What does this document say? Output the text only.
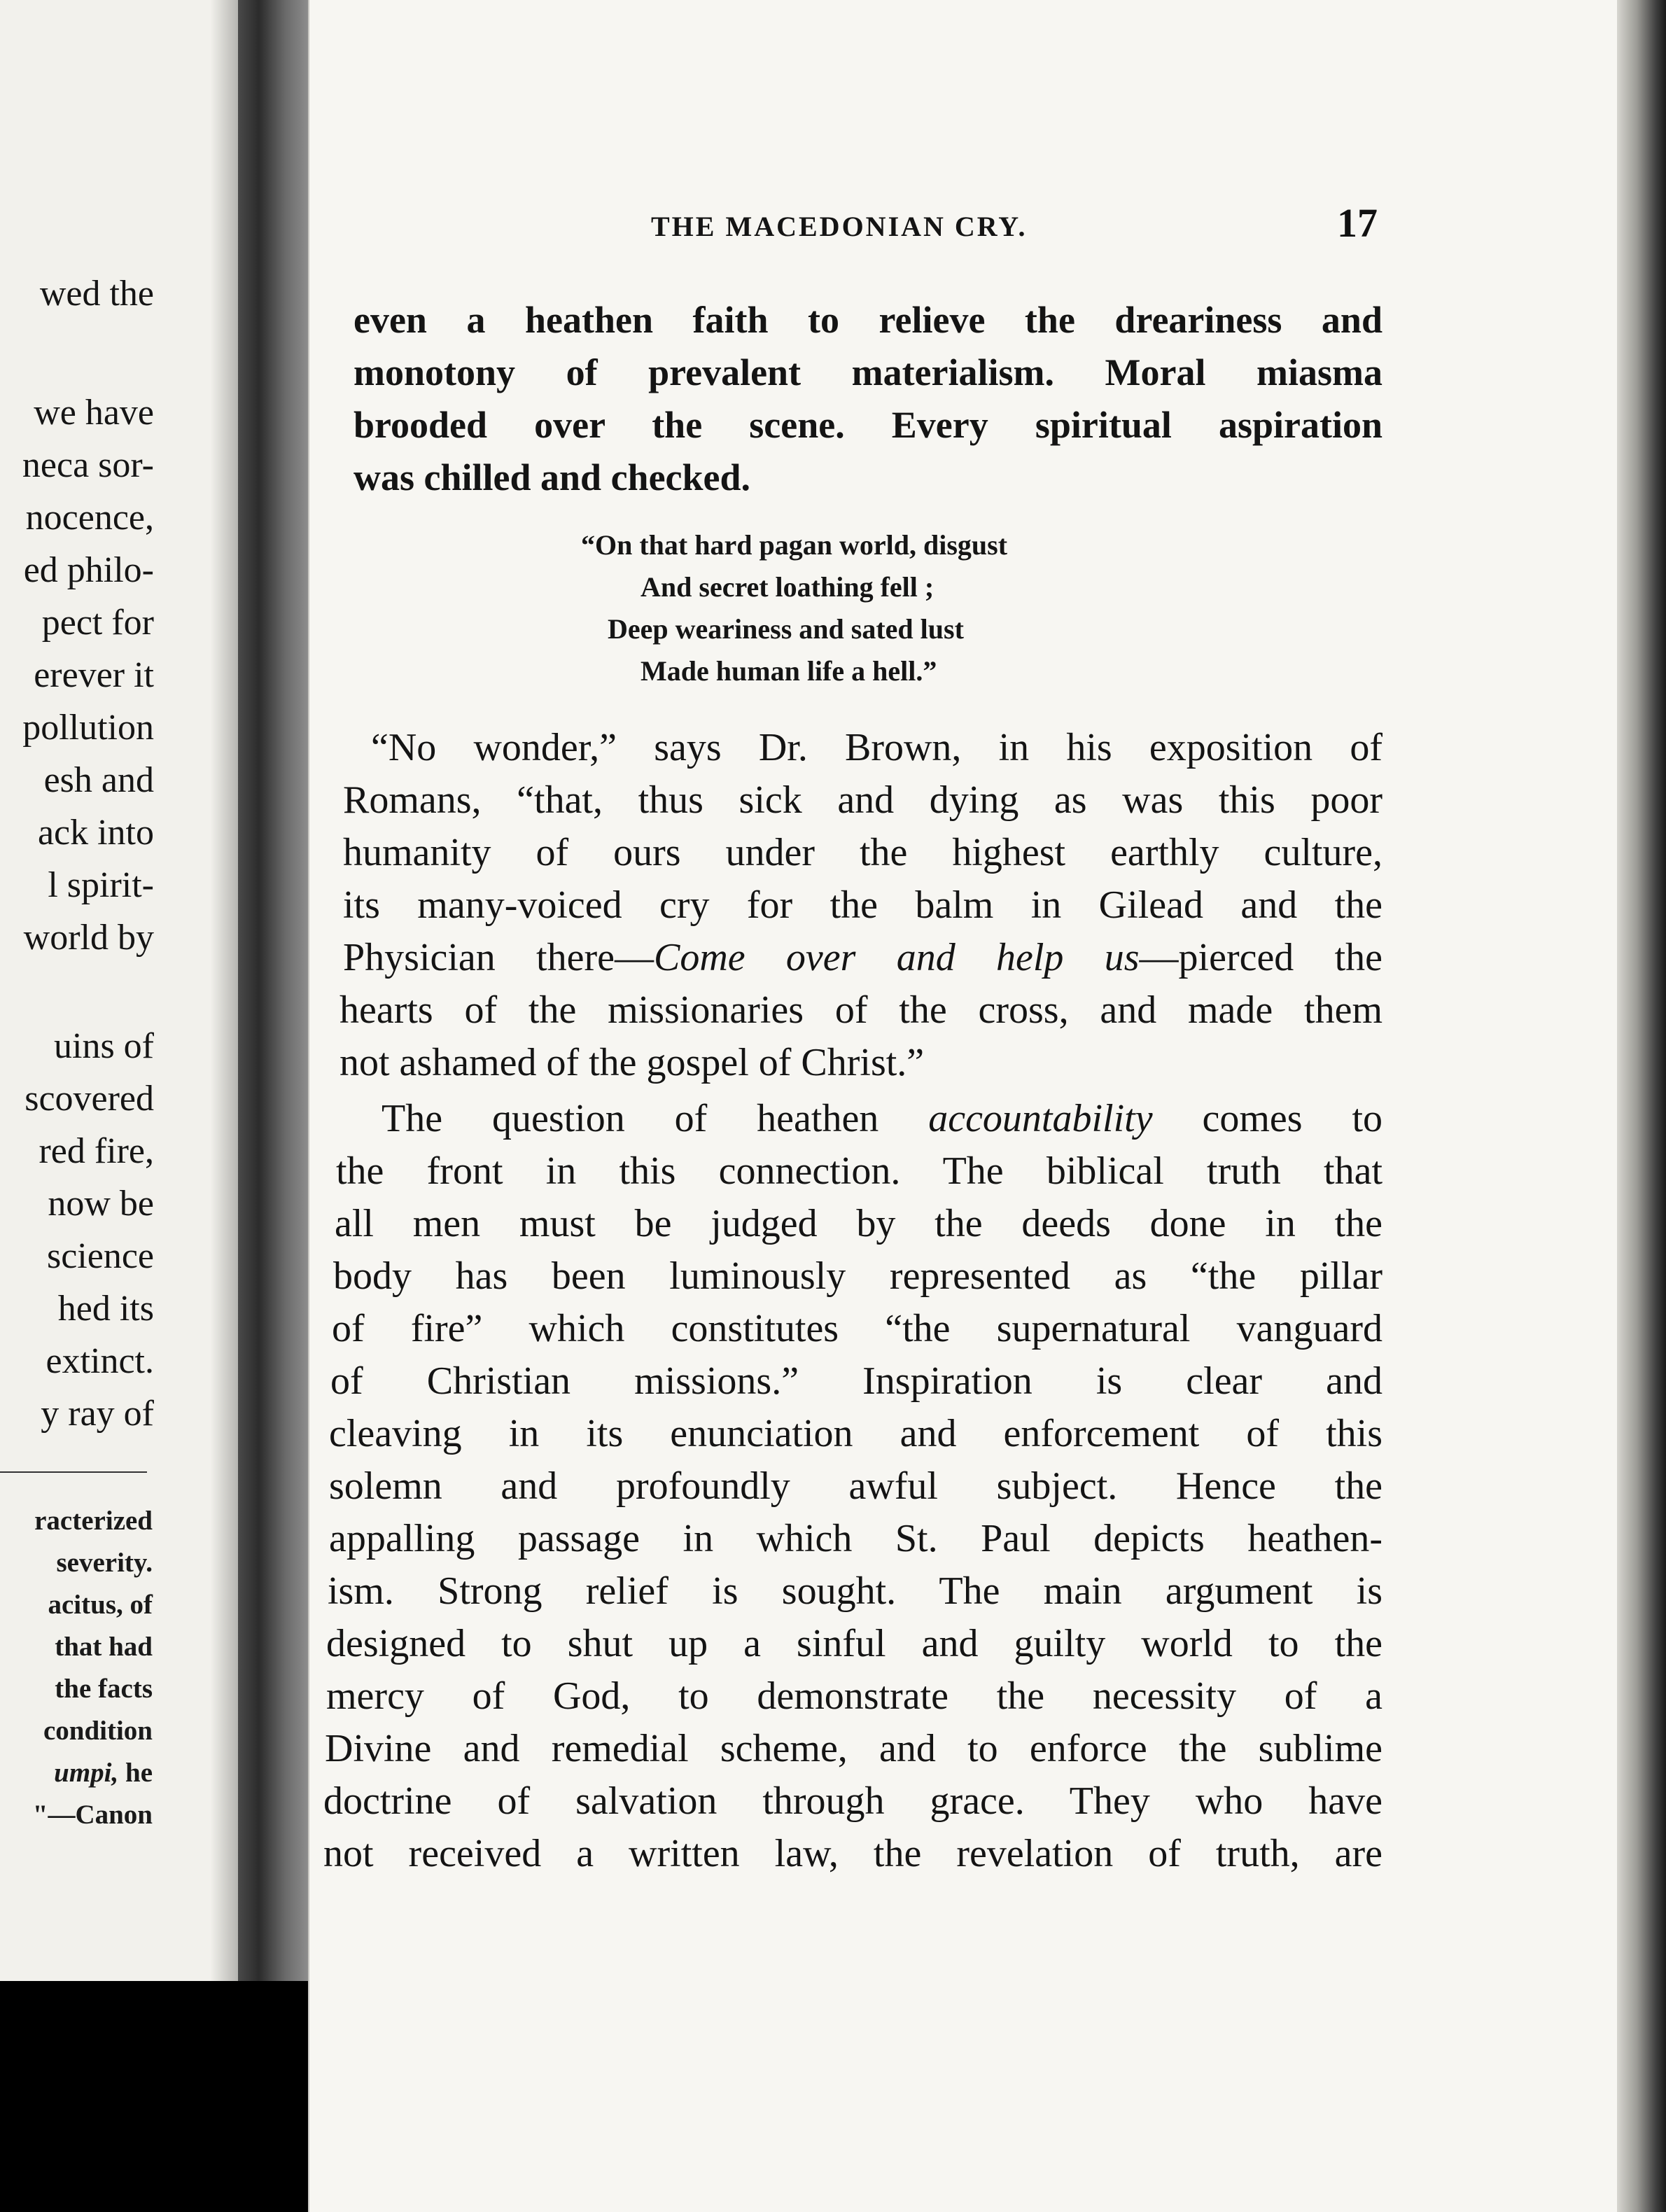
wed the
we have
neca sor-
nocence,
ed philo-
pect for
erever it
pollution
esh and
ack into
l spirit-
world by
uins of
scovered
red fire,
now be
science
hed its
extinct.
y ray of
racterized
severity.
acitus, of
that had
the facts
condition
umpi, he
"—Canon
THE MACEDONIAN CRY.	17
even a heathen faith to relieve the dreariness and
monotony of prevalent materialism. Moral miasma
brooded over the scene. Every spiritual aspiration
was chilled and checked.
“On that hard pagan world, disgust
And secret loathing fell ;
Deep weariness and sated lust
Made human life a hell.”
“No wonder,” says Dr. Brown, in his exposition of
Romans, “that, thus sick and dying as was this poor
humanity of ours under the highest earthly culture,
its many-voiced cry for the balm in Gilead and the
Physician there—Come over and help us—pierced the
hearts of the missionaries of the cross, and made them
not ashamed of the gospel of Christ.”
The question of heathen accountability comes to
the front in this connection. The biblical truth that
all men must be judged by the deeds done in the
body has been luminously represented as “the pillar
of fire” which constitutes “the supernatural vanguard
of Christian missions.” Inspiration is clear and
cleaving in its enunciation and enforcement of this
solemn and profoundly awful subject. Hence the
appalling passage in which St. Paul depicts heathen-
ism. Strong relief is sought. The main argument is
designed to shut up a sinful and guilty world to the
mercy of God, to demonstrate the necessity of a
Divine and remedial scheme, and to enforce the sublime
doctrine of salvation through grace. They who have
not received a written law, the revelation of truth, are
